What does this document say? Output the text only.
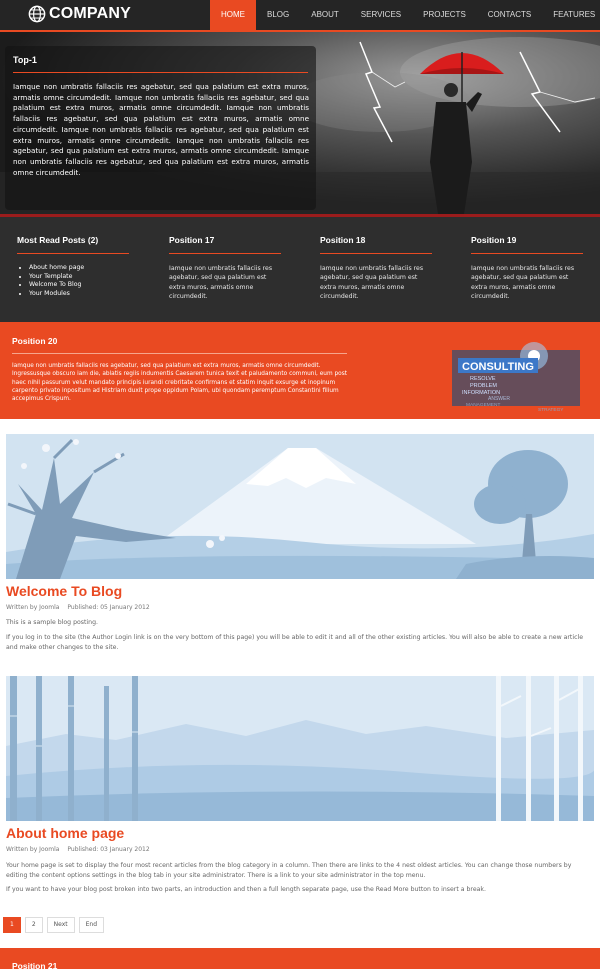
COMPANY	HOME	BLOG	ABOUT	SERVICES	PROJECTS	CONTACTS	FEATURES
Top-1

Iamque non umbratis fallaciis res agebatur, sed qua palatium est extra muros, armatis omne circumdedit. Iamque non umbratis fallaciis res agebatur, sed qua palatium est extra muros, armatis omne circumdedit. Iamque non umbratis fallaciis res agebatur, sed qua palatium est extra muros, armatis omne circumdedit. Iamque non umbratis fallaciis res agebatur, sed qua palatium est extra muros, armatis omne circumdedit. Iamque non umbratis fallaciis res agebatur, sed qua palatium est extra muros, armatis omne circumdedit. Iamque non umbratis fallaciis res agebatur, sed qua palatium est extra muros, armatis omne circumdedit.

Most Read Posts (2)
• About home page
• Your Template
• Welcome To Blog
• Your Modules
Position 17

Iamque non umbratis fallaciis res agebatur, sed qua palatium est extra muros, armatis omne circumdedit.

Position 18

Iamque non umbratis fallaciis res agebatur, sed qua palatium est extra muros, armatis omne circumdedit.

Position 19

Iamque non umbratis fallaciis res agebatur, sed qua palatium est extra muros, armatis omne circumdedit.

Position 20

Iamque non umbratis fallaciis res agebatur, sed qua palatium est extra muros, armatis omne circumdedit. Ingressusque obscuro iam die, ablatis regiis indumentis Caesarem tunica texit et paludamento communi, eum post haec nihil passurum velut mandato principis iurandi crebritate confirmans et statim inquit exsurge et inopinum carpento privato inpositum ad Histriam duxit prope oppidum Polam, ubi quondam peremptum Constantini filium accepimus Crispum.

CONSULTING
RESOLVE
PROBLEM
INFORMATION
ANSWER
MANAGEMENT
STRATEGY
Welcome To Blog
Written by Joomla Published: 05 January 2012

This is a sample blog posting.

If you log in to the site (the Author Login link is on the very bottom of this page) you will be able to edit it and all of the other existing articles. You will also be able to create a new article and make other changes to the site.

About home page
Written by Joomla Published: 03 January 2012

Your home page is set to display the four most recent articles from the blog category in a column. Then there are links to the 4 nest oldest articles. You can change those numbers by editing the content options settings in the blog tab in your site administrator. There is a link to your site administrator in the top menu.

If you want to have your blog post broken into two parts, an introduction and then a full length separate page, use the Read More button to insert a break.

1	2	Next	End
Position 21
